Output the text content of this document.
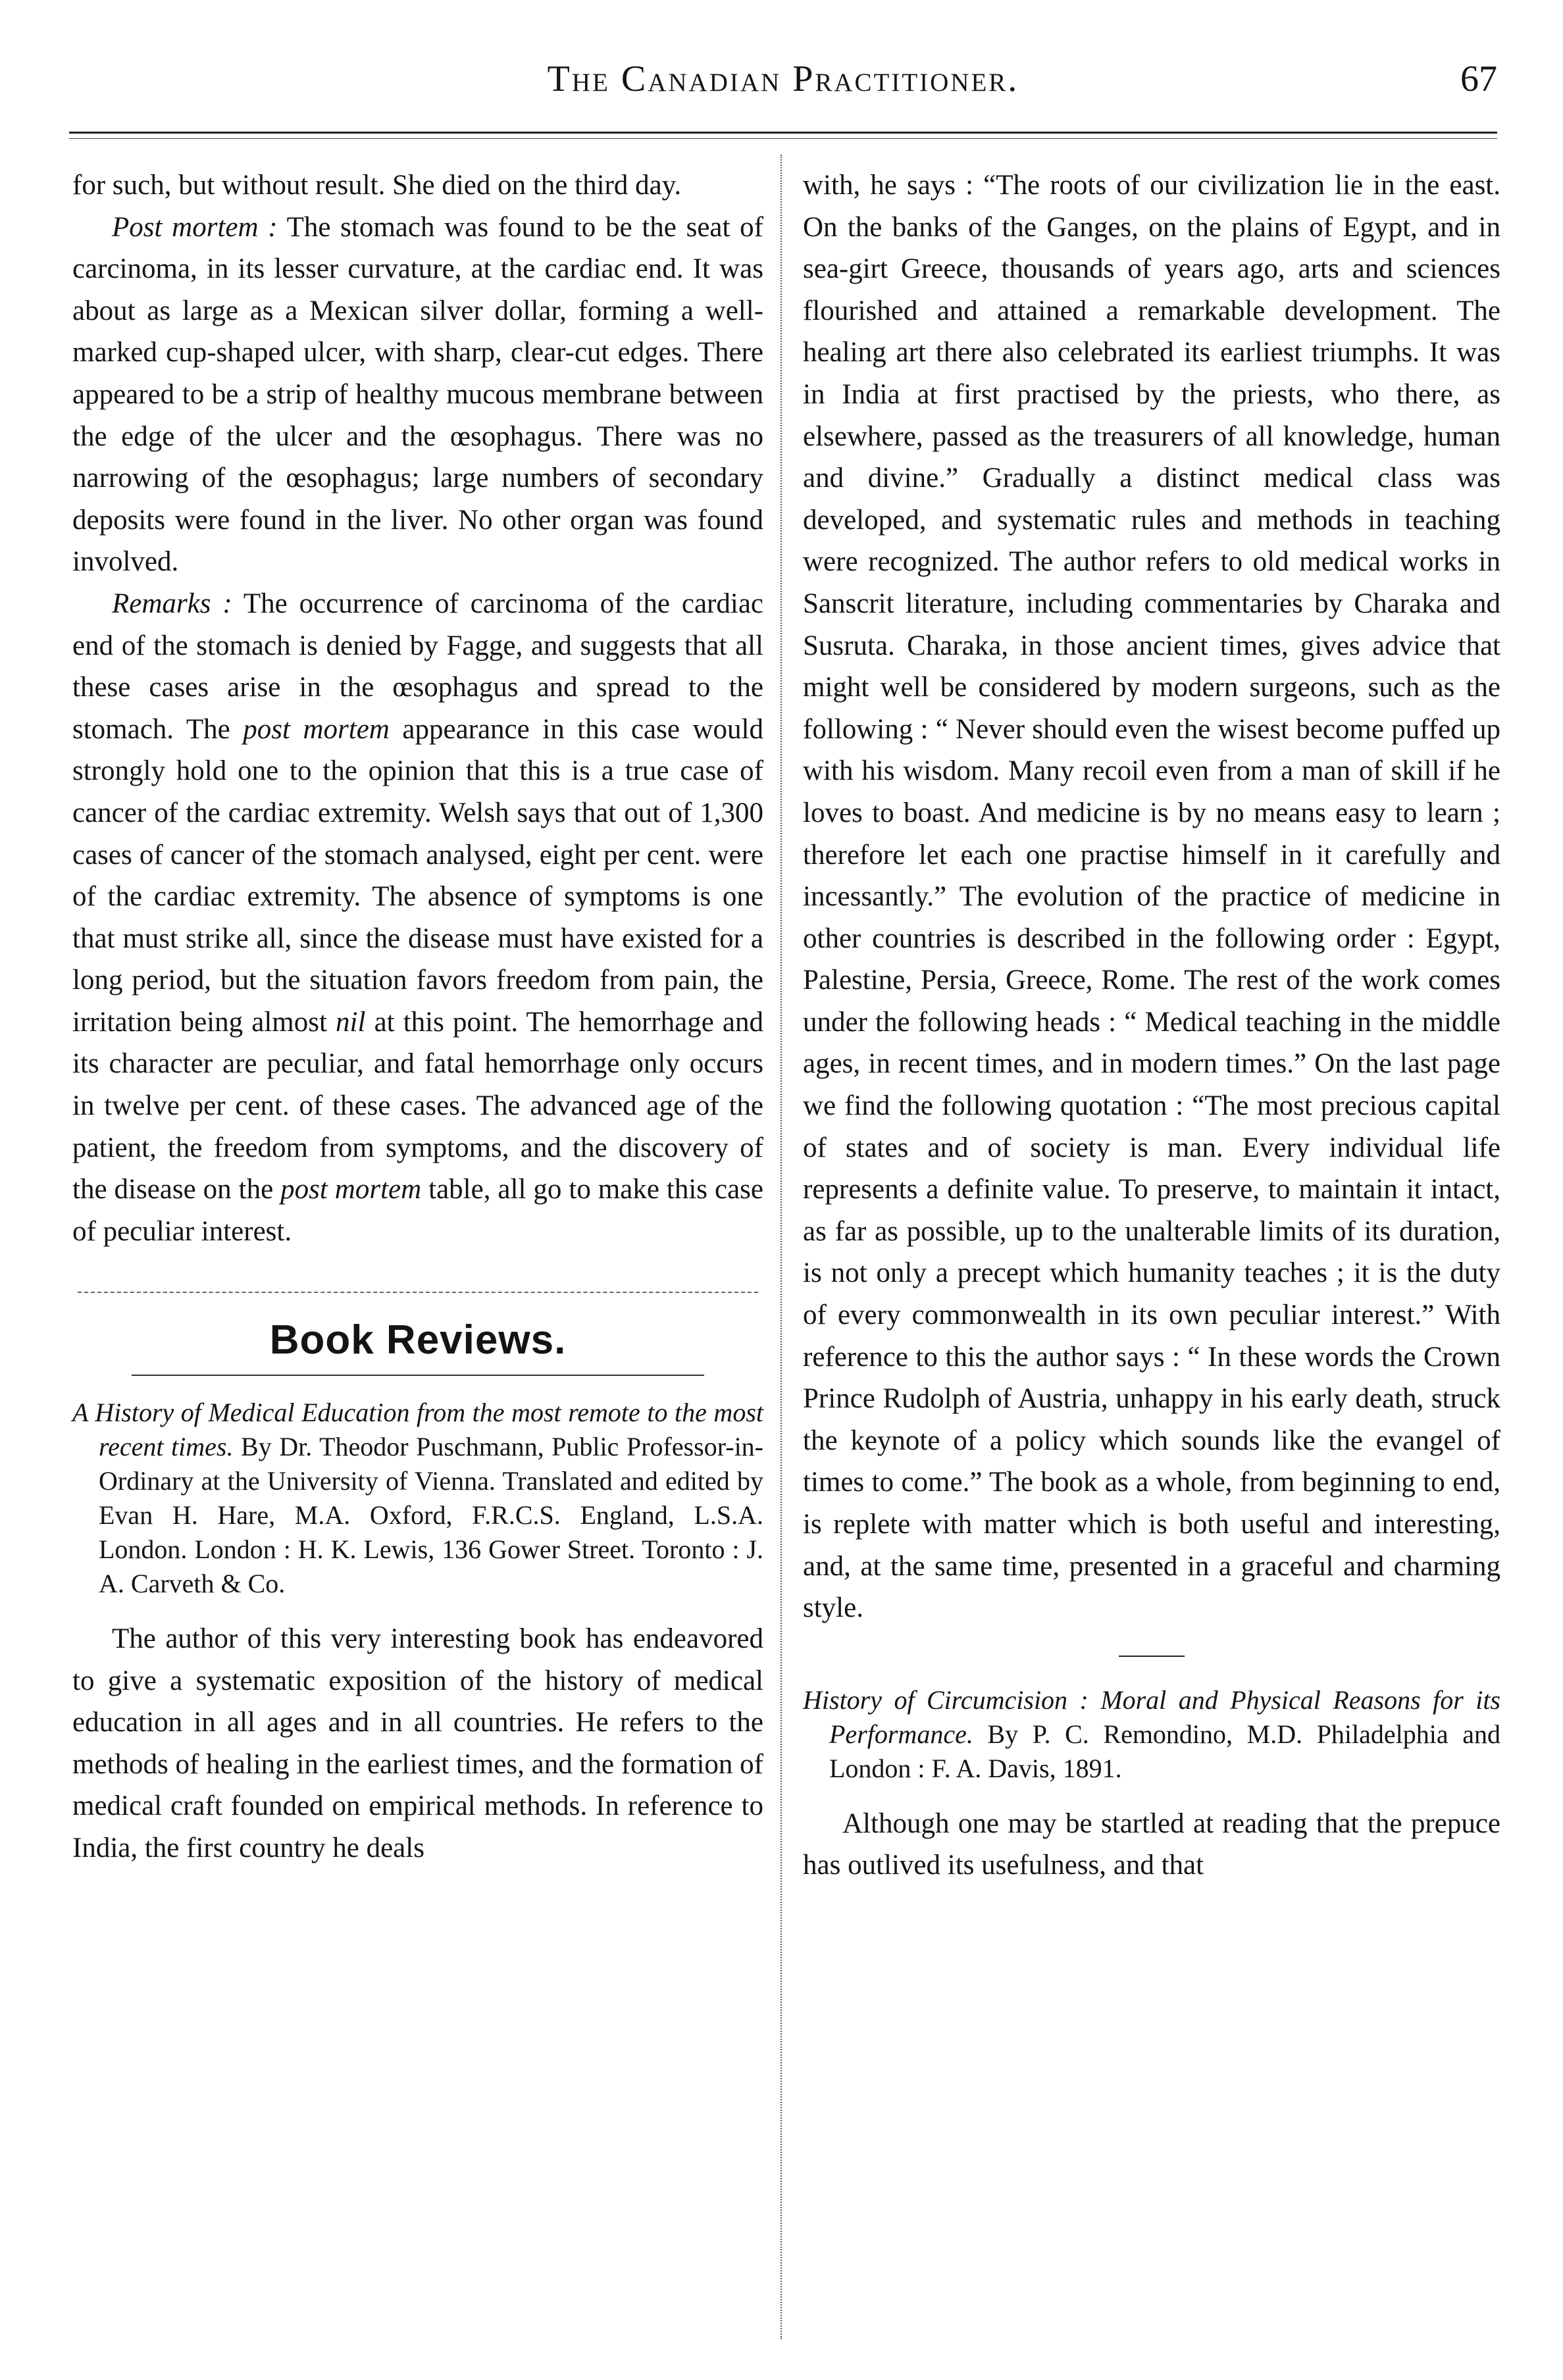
The Canadian Practitioner.	67

for such, but without result. She died on the third day.

Post mortem : The stomach was found to be the seat of carcinoma, in its lesser curvature, at the cardiac end. It was about as large as a Mexican silver dollar, forming a well-marked cup-shaped ulcer, with sharp, clear-cut edges. There appeared to be a strip of healthy mucous membrane between the edge of the ulcer and the œsophagus. There was no narrowing of the œsophagus; large numbers of secondary deposits were found in the liver. No other organ was found involved.

Remarks : The occurrence of carcinoma of the cardiac end of the stomach is denied by Fagge, and suggests that all these cases arise in the œsophagus and spread to the stomach. The post mortem appearance in this case would strongly hold one to the opinion that this is a true case of cancer of the cardiac extremity. Welsh says that out of 1,300 cases of cancer of the stomach analysed, eight per cent. were of the cardiac extremity. The absence of symptoms is one that must strike all, since the disease must have existed for a long period, but the situation favors freedom from pain, the irritation being almost nil at this point. The hemorrhage and its character are peculiar, and fatal hemorrhage only occurs in twelve per cent. of these cases. The advanced age of the patient, the freedom from symptoms, and the discovery of the disease on the post mortem table, all go to make this case of peculiar interest.

Book Reviews.
A History of Medical Education from the most remote to the most recent times. By Dr. Theodor Puschmann, Public Professor-in-Ordinary at the University of Vienna. Translated and edited by Evan H. Hare, M.A. Oxford, F.R.C.S. England, L.S.A. London. London : H. K. Lewis, 136 Gower Street. Toronto : J. A. Carveth & Co.

The author of this very interesting book has endeavored to give a systematic exposition of the history of medical education in all ages and in all countries. He refers to the methods of healing in the earliest times, and the formation of medical craft founded on empirical methods. In reference to India, the first country he deals

with, he says : “The roots of our civilization lie in the east. On the banks of the Ganges, on the plains of Egypt, and in sea-girt Greece, thousands of years ago, arts and sciences flourished and attained a remarkable development. The healing art there also celebrated its earliest triumphs. It was in India at first practised by the priests, who there, as elsewhere, passed as the treasurers of all knowledge, human and divine.” Gradually a distinct medical class was developed, and systematic rules and methods in teaching were recognized. The author refers to old medical works in Sanscrit literature, including commentaries by Charaka and Susruta. Charaka, in those ancient times, gives advice that might well be considered by modern surgeons, such as the following : “ Never should even the wisest become puffed up with his wisdom. Many recoil even from a man of skill if he loves to boast. And medicine is by no means easy to learn ; therefore let each one practise himself in it carefully and incessantly.” The evolution of the practice of medicine in other countries is described in the following order : Egypt, Palestine, Persia, Greece, Rome. The rest of the work comes under the following heads : “ Medical teaching in the middle ages, in recent times, and in modern times.” On the last page we find the following quotation : “The most precious capital of states and of society is man. Every individual life represents a definite value. To preserve, to maintain it intact, as far as possible, up to the unalterable limits of its duration, is not only a precept which humanity teaches ; it is the duty of every commonwealth in its own peculiar interest.” With reference to this the author says : “ In these words the Crown Prince Rudolph of Austria, unhappy in his early death, struck the keynote of a policy which sounds like the evangel of times to come.” The book as a whole, from beginning to end, is replete with matter which is both useful and interesting, and, at the same time, presented in a graceful and charming style.

History of Circumcision : Moral and Physical Reasons for its Performance. By P. C. Remondino, M.D. Philadelphia and London : F. A. Davis, 1891.

Although one may be startled at reading that the prepuce has outlived its usefulness, and that
